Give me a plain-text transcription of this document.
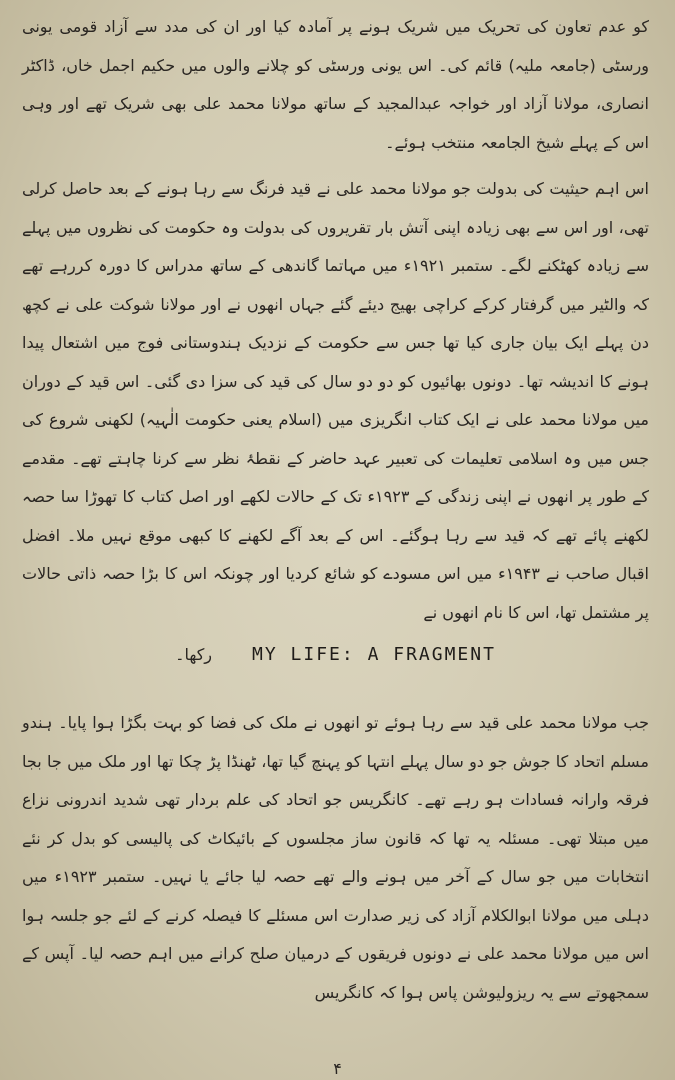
کو عدم تعاون کی تحریک میں شریک ہونے پر آمادہ کیا اور ان کی مدد سے آزاد قومی یونی ورسٹی (جامعہ ملیہ) قائم کی۔ اس یونی ورسٹی کو چلانے والوں میں حکیم اجمل خاں، ڈاکٹر انصاری، مولانا آزاد اور خواجہ عبدالمجید کے ساتھ مولانا محمد علی بھی شریک تھے اور وہی اس کے پہلے شیخ الجامعہ منتخب ہوئے۔

اس اہم حیثیت کی بدولت جو مولانا محمد علی نے قید فرنگ سے رہا ہونے کے بعد حاصل کرلی تھی، اور اس سے بھی زیادہ اپنی آتش بار تقریروں کی بدولت وہ حکومت کی نظروں میں پہلے سے زیادہ کھٹکنے لگے۔ ستمبر ۱۹۲۱ء میں مہاتما گاندھی کے ساتھ مدراس کا دورہ کررہے تھے کہ والٹیر میں گرفتار کرکے کراچی بھیج دیئے گئے جہاں انھوں نے اور مولانا شوکت علی نے کچھ دن پہلے ایک بیان جاری کیا تھا جس سے حکومت کے نزدیک ہندوستانی فوج میں اشتعال پیدا ہونے کا اندیشہ تھا۔ دونوں بھائیوں کو دو دو سال کی قید کی سزا دی گئی۔ اس قید کے دوران میں مولانا محمد علی نے ایک کتاب انگریزی میں (اسلام یعنی حکومت الٰہیہ) لکھنی شروع کی جس میں وہ اسلامی تعلیمات کی تعبیر عہد حاضر کے نقطۂ نظر سے کرنا چاہتے تھے۔ مقدمے کے طور پر انھوں نے اپنی زندگی کے ۱۹۲۳ء تک کے حالات لکھے اور اصل کتاب کا تھوڑا سا حصہ لکھنے پائے تھے کہ قید سے رہا ہوگئے۔ اس کے بعد آگے لکھنے کا کبھی موقع نہیں ملا۔ افضل اقبال صاحب نے ۱۹۴۳ء میں اس مسودے کو شائع کردیا اور چونکہ اس کا بڑا حصہ ذاتی حالات پر مشتمل تھا، اس کا نام انھوں نے

رکھا۔ MY LIFE: A FRAGMENT

جب مولانا محمد علی قید سے رہا ہوئے تو انھوں نے ملک کی فضا کو بہت بگڑا ہوا پایا۔ ہندو مسلم اتحاد کا جوش جو دو سال پہلے انتہا کو پہنچ گیا تھا، ٹھنڈا پڑ چکا تھا اور ملک میں جا بجا فرقہ وارانہ فسادات ہو رہے تھے۔ کانگریس جو اتحاد کی علم بردار تھی شدید اندرونی نزاع میں مبتلا تھی۔ مسئلہ یہ تھا کہ قانون ساز مجلسوں کے بائیکاٹ کی پالیسی کو بدل کر نئے انتخابات میں جو سال کے آخر میں ہونے والے تھے حصہ لیا جائے یا نہیں۔ ستمبر ۱۹۲۳ء میں دہلی میں مولانا ابوالکلام آزاد کی زیر صدارت اس مسئلے کا فیصلہ کرنے کے لئے جو جلسہ ہوا اس میں مولانا محمد علی نے دونوں فریقوں کے درمیان صلح کرانے میں اہم حصہ لیا۔ آپس کے سمجھوتے سے یہ ریزولیوشن پاس ہوا کہ کانگریس

۴
